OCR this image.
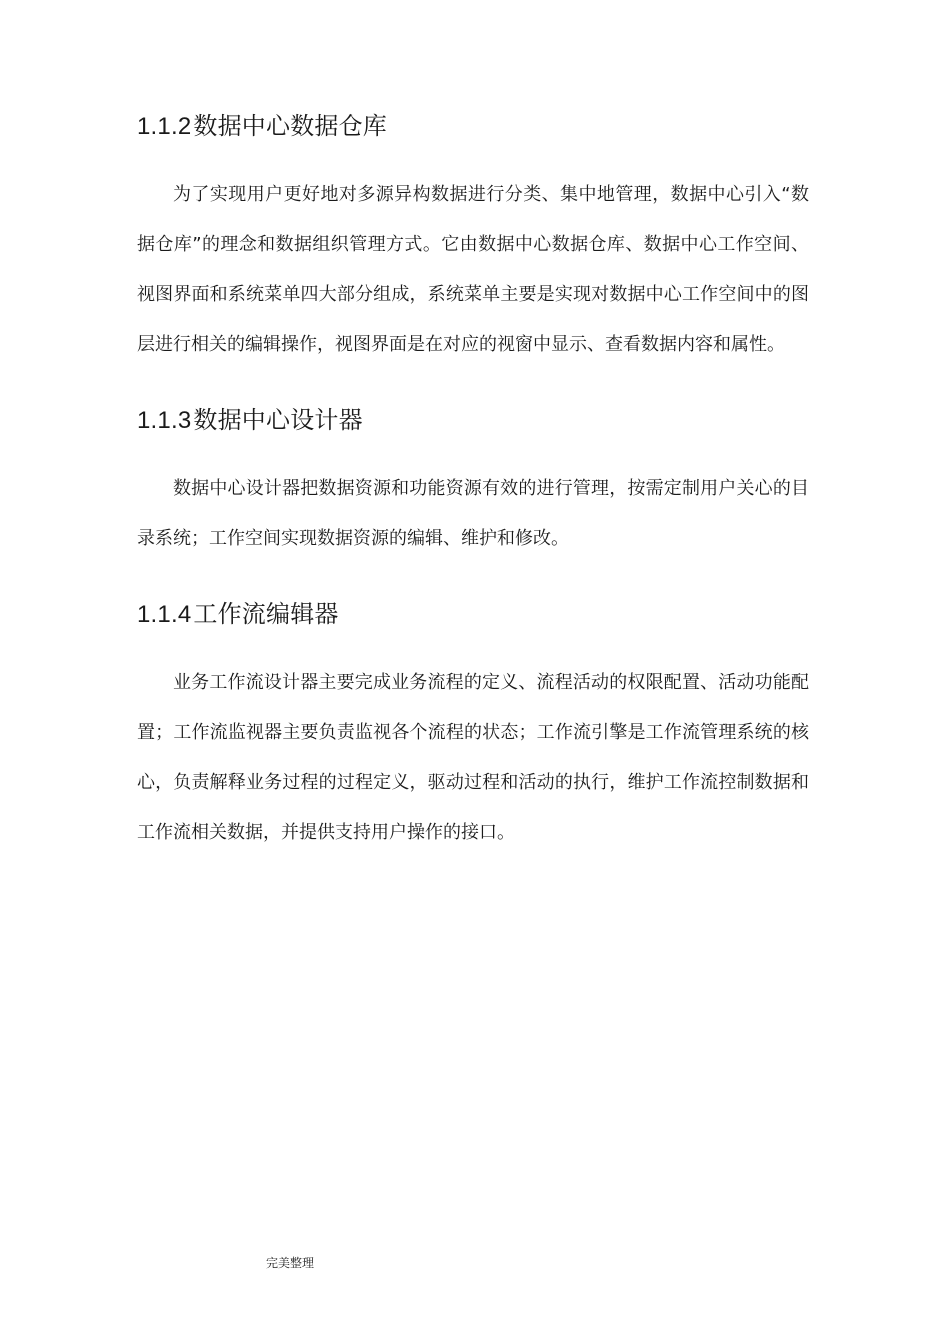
1.1.2数据中心数据仓库

为了实现用户更好地对多源异构数据进行分类、集中地管理，数据中心引入“数据仓库”的理念和数据组织管理方式。它由数据中心数据仓库、数据中心工作空间、视图界面和系统菜单四大部分组成，系统菜单主要是实现对数据中心工作空间中的图层进行相关的编辑操作，视图界面是在对应的视窗中显示、查看数据内容和属性。

1.1.3数据中心设计器

数据中心设计器把数据资源和功能资源有效的进行管理，按需定制用户关心的目录系统；工作空间实现数据资源的编辑、维护和修改。

1.1.4工作流编辑器

业务工作流设计器主要完成业务流程的定义、流程活动的权限配置、活动功能配置；工作流监视器主要负责监视各个流程的状态；工作流引擎是工作流管理系统的核心，负责解释业务过程的过程定义，驱动过程和活动的执行，维护工作流控制数据和工作流相关数据，并提供支持用户操作的接口。

完美整理
